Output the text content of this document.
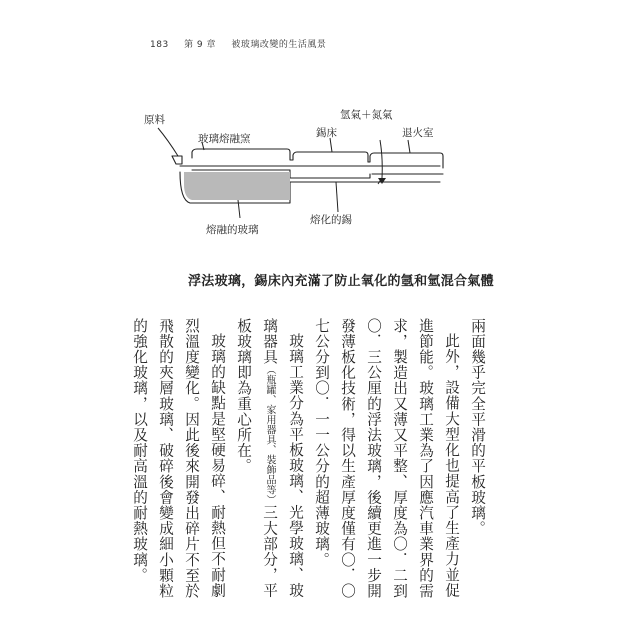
183 第 9 章 被玻璃改變的生活風景
原料
玻璃熔融窯	錫床
氫氣＋氮氣
退火室
熔融的玻璃
熔化的錫
浮法玻璃，錫床內充滿了防止氧化的氬和氫混合氣體

兩面幾乎完全平滑的平板玻璃。

此外，設備大型化也提高了生產力並促進節能。玻璃工業為了因應汽車業界的需求，製造出又薄又平整、厚度為〇．二到〇．三公厘的浮法玻璃，後續更進一步開發薄板化技術，得以生產厚度僅有〇．〇七公分到〇．一一公分的超薄玻璃。

玻璃工業分為平板玻璃、光學玻璃、玻璃器具（瓶罐、家用器具、裝飾品等）三大部分，平板玻璃即為重心所在。

玻璃的缺點是堅硬易碎、耐熱但不耐劇烈溫度變化。因此後來開發出碎片不至於飛散的夾層玻璃、破碎後會變成細小顆粒的強化玻璃，以及耐高溫的耐熱玻璃。
